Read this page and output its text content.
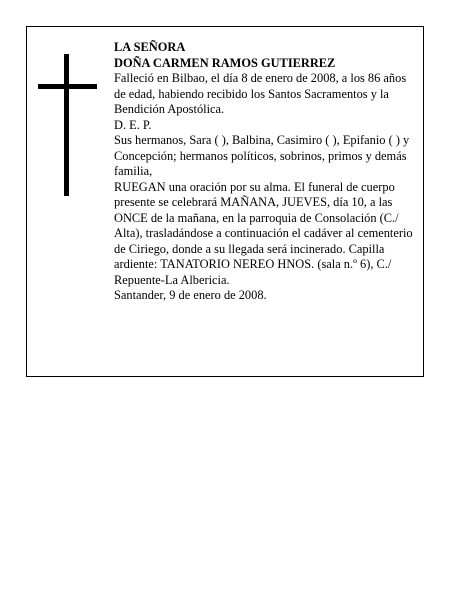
LA SEÑORA

DOÑA CARMEN RAMOS GUTIERREZ

Falleció en Bilbao, el día 8 de enero de 2008, a los 86 años de edad, habiendo recibido los Santos Sacramentos y la Bendición Apostólica.

D. E. P.

Sus hermanos, Sara ( ), Balbina, Casimiro ( ), Epifanio ( ) y Concepción; hermanos políticos, sobrinos, primos y demás familia,

RUEGAN una oración por su alma. El funeral de cuerpo presente se celebrará MAÑANA, JUEVES, día 10, a las ONCE de la mañana, en la parroquia de Consolación (C./ Alta), trasladándose a continuación el cadáver al cementerio de Ciriego, donde a su llegada será incinerado. Capilla ardiente: TANATORIO NEREO HNOS. (sala n.º 6), C./ Repuente-La Albericia.

Santander, 9 de enero de 2008.
